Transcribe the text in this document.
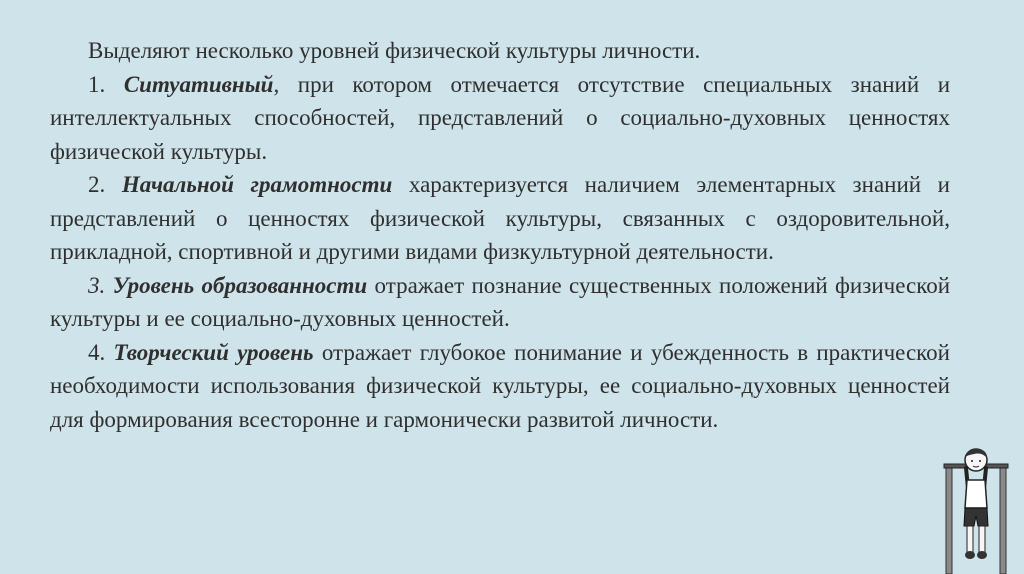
Выделяют несколько уровней физической культуры личности.

1. Ситуативный, при котором отмечается отсутствие специальных знаний и интеллектуальных способностей, представлений о социально-духовных ценностях физической культуры.

2. Начальной грамотности характеризуется наличием элементарных знаний и представлений о ценностях физической культуры, связанных с оздоровительной, прикладной, спортивной и другими видами физкультурной деятельности.

3. Уровень образованности отражает познание существенных положений физической культуры и ее социально-духовных ценностей.

4. Творческий уровень отражает глубокое понимание и убежденность в практической необходимости использования физической культуры, ее социально-духовных ценностей для формирования всесторонне и гармонически развитой личности.
